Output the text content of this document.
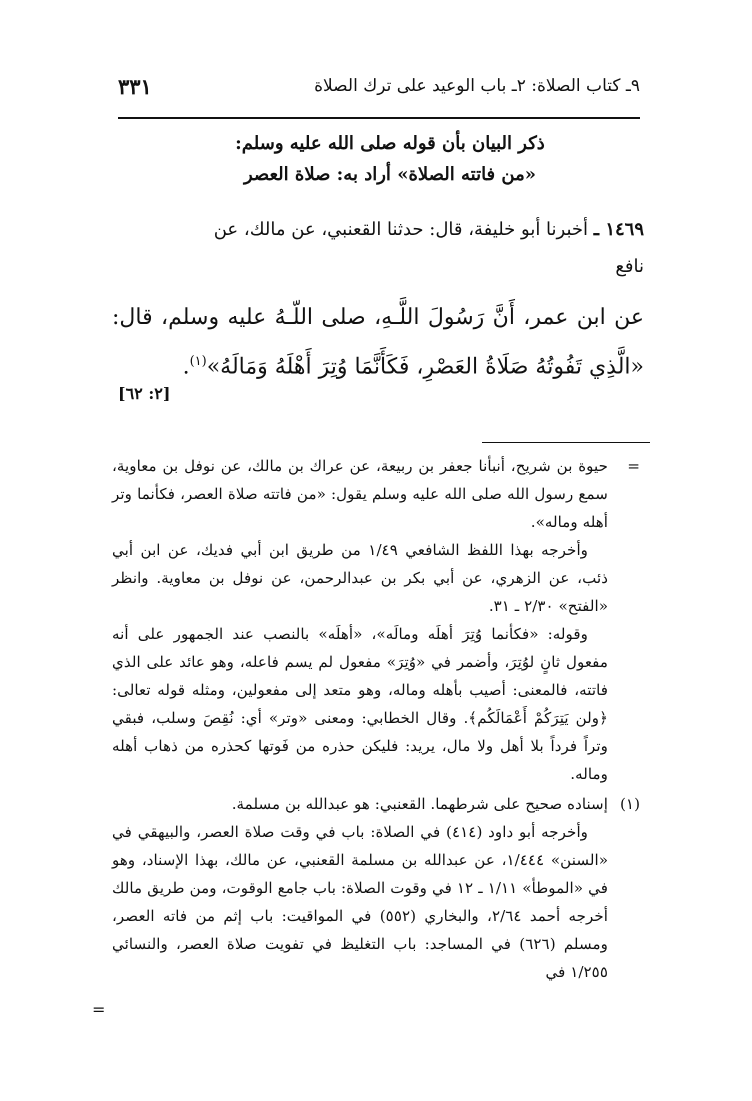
٩ـ كتاب الصلاة: ٢ـ باب الوعيد على ترك الصلاة
٣٣١
ذكر البيان بأن قوله صلى الله عليه وسلم:
«من فاتته الصلاة» أراد به: صلاة العصر
١٤٦٩ ـ أخبرنا أبو خليفة، قال: حدثنا القعنبي، عن مالك، عن
نافع
عن ابن عمر، أَنَّ رَسُولَ اللَّـهِ، صلى اللّـهُ عليه وسلم، قال: «الَّذِي تَفُوتُهُ صَلَاةُ العَصْرِ، فَكَأَنَّمَا وُتِرَ أَهْلَهُ وَمَالَهُ»$^{(١)}$.
[٢: ٦٢]
=

حيوة بن شريح، أنبأنا جعفر بن ربيعة، عن عراك بن مالك، عن نوفل بن معاوية، سمع رسول الله صلى الله عليه وسلم يقول: «من فاتته صلاة العصر، فكأنما وتر أهله وماله».

وأخرجه بهذا اللفظ الشافعي ١/٤٩ من طريق ابن أبي فديك، عن ابن أبي ذئب، عن الزهري، عن أبي بكر بن عبدالرحمن، عن نوفل بن معاوية. وانظر «الفتح» ٢/٣٠ ـ ٣١.

وقوله: «فكأنما وُتِرَ أهلَه ومالَه»، «أهلَه» بالنصب عند الجمهور على أنه مفعول ثانٍ لوُتِرَ، وأضمر في «وُتِرَ» مفعول لم يسم فاعله، وهو عائد على الذي فاتته، فالمعنى: أصيب بأهله وماله، وهو متعد إلى مفعولين، ومثله قوله تعالى: ﴿ولن يَتِرَكُمْ أَعْمَالَكُم﴾. وقال الخطابي: ومعنى «وتر» أي: نُقِصَ وسلب، فبقي وتراً فرداً بلا أهل ولا مال، يريد: فليكن حذره من فَوتها كحذره من ذهاب أهله وماله.

(١)

إسناده صحيح على شرطهما. القعنبي: هو عبدالله بن مسلمة.

وأخرجه أبو داود (٤١٤) في الصلاة: باب في وقت صلاة العصر، والبيهقي في «السنن» ١/٤٤٤، عن عبدالله بن مسلمة القعنبي، عن مالك، بهذا الإسناد، وهو في «الموطأ» ١/١١ ـ ١٢ في وقوت الصلاة: باب جامع الوقوت، ومن طريق مالك أخرجه أحمد ٢/٦٤، والبخاري (٥٥٢) في المواقيت: باب إثم من فاته العصر، ومسلم (٦٢٦) في المساجد: باب التغليظ في تفويت صلاة العصر، والنسائي ١/٢٥٥ في

=
